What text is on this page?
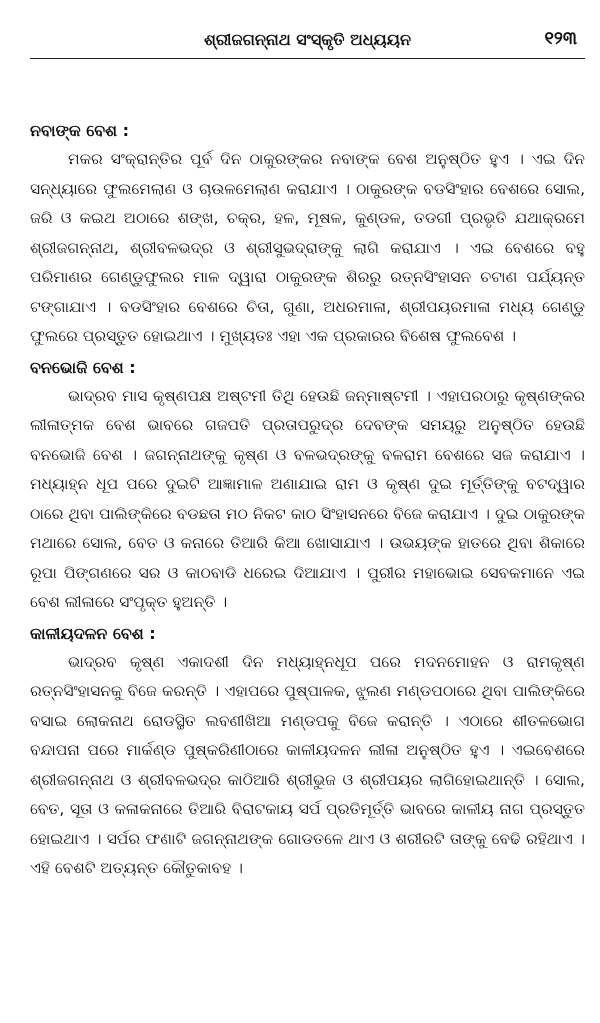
ଶ୍ରୀଜଗନ୍ନାଥ ସଂସ୍କୃତି ଅଧ୍ୟୟନ	୧୨୩

ନବାଙ୍କ ବେଶ :

ମକର ସଂକ୍ରାନ୍ତିର ପୂର୍ବ ଦିନ ଠାକୁରଙ୍କର ନବାଙ୍କ ବେଶ ଅନୁଷ୍ଠିତ ହୁଏ । ଏଇ ଦିନ ସନ୍ଧ୍ୟାରେ ଫୁଲମେଲାଣ ଓ ଚାଉଳମେଲାଣ କରାଯାଏ । ଠାକୁରଙ୍କ ବଡସିଂହାର ବେଶରେ ସୋଲ, ଜରି ଓ କଇଥ ଅଠାରେ ଶଙ୍ଖ, ଚକ୍ର, ହଳ, ମୂଷଳ, କୁଣ୍ଡଳ, ତଡଗୀ ପ୍ରଭୃତି ଯଥାକ୍ରମେ ଶ୍ରୀଜଗନ୍ନାଥ, ଶ୍ରୀବଳଭଦ୍ର ଓ ଶ୍ରୀସୁଭଦ୍ରାଙ୍କୁ ଲାଗି କରାଯାଏ । ଏଇ ବେଶରେ ବହୁ ପରିମାଣର ଗେଣ୍ଡୁଫୁଲର ମାଳ ଦ୍ୱାରା ଠାକୁରଙ୍କ ଶିରରୁ ରତ୍ନସିଂହାସନ ଚଟାଣ ପର୍ଯ୍ୟନ୍ତ ଟଙ୍ଗାଯାଏ । ବଡସିଂହାର ବେଶରେ ଚିତା, ଗୁଣା, ଅଧରମାଳା, ଶ୍ରୀପୟରମାଳା ମଧ୍ୟ ଗେଣ୍ଡୁ ଫୁଲରେ ପ୍ରସ୍ତୁତ ହୋଇଥାଏ । ମୁଖ୍ୟତଃ ଏହା ଏକ ପ୍ରକାରର ବିଶେଷ ଫୁଲବେଶ ।

ବନଭୋଜି ବେଶ :

ଭାଦ୍ରବ ମାସ କୃଷ୍ଣପକ୍ଷ ଅଷ୍ଟମୀ ତିଥି ହେଉଛି ଜନ୍ମାଷ୍ଟମୀ । ଏହାପରଠାରୁ କୃଷ୍ଣଙ୍କର ଲୀଳାତ୍ମକ ବେଶ ଭାବରେ ଗଜପତି ପ୍ରତାପରୁଦ୍ର ଦେବଙ୍କ ସମୟରୁ ଅନୁଷ୍ଠିତ ହେଉଛି ବନଭୋଜି ବେଶ । ଜଗନ୍ନାଥଙ୍କୁ କୃଷ୍ଣ ଓ ବଳଭଦ୍ରଙ୍କୁ ବଳରାମ ବେଶରେ ସଜ କରାଯାଏ । ମଧ୍ୟାହ୍ନ ଧୂପ ପରେ ଦୁଇଟି ଆଜ୍ଞାମାଳ ଅଣାଯାଇ ରାମ ଓ କୃଷ୍ଣ ଦୁଇ ମୂର୍ତ୍ତିଙ୍କୁ ବଟଦ୍ୱାର ଠାରେ ଥିବା ପାଲିଙ୍କିରେ ବଡଛତା ମଠ ନିକଟ କାଠ ସିଂହାସନରେ ବିଜେ କରାଯାଏ । ଦୁଇ ଠାକୁରଙ୍କ ମଥାରେ ସୋଲ, ବେତ ଓ କନାରେ ତିଆରି କିଆ ଖୋସାଯାଏ । ଉଭୟଙ୍କ ହାତରେ ଥିବା ଶିକାରେ ରୂପା ପିଙ୍ଗଣରେ ସର ଓ କାଠବାଡି ଧରେଇ ଦିଆଯାଏ । ପୁରୀର ମହାଭୋଇ ସେବକମାନେ ଏଇ ବେଶ ଲୀଳାରେ ସଂପୃକ୍ତ ହୁଅନ୍ତି ।

କାଳୀୟଦଳନ ବେଶ :

ଭାଦ୍ରବ କୃଷ୍ଣ ଏକାଦଶୀ ଦିନ ମଧ୍ୟାହ୍ନଧୂପ ପରେ ମଦନମୋହନ ଓ ରାମକୃଷ୍ଣ ରତ୍ନସିଂହାସନକୁ ବିଜେ କରନ୍ତି । ଏହାପରେ ପୁଷ୍ପାଳକ, ଝୁଲଣ ମଣ୍ଡପଠାରେ ଥିବା ପାଲିଙ୍କିରେ ବସାଇ ଲୋକନାଥ ରୋଡସ୍ଥିତ ଲବଣୀଖିଆ ମଣ୍ଡପକୁ ବିଜେ କରାନ୍ତି । ଏଠାରେ ଶୀତଳଭୋଗ ବନ୍ଦାପନା ପରେ ମାର୍କଣ୍ଡ ପୁଷ୍କରିଣୀଠାରେ କାଳୀୟଦଳନ ଲୀଳା ଅନୁଷ୍ଠିତ ହୁଏ । ଏଇବେଶରେ ଶ୍ରୀଜଗନ୍ନାଥ ଓ ଶ୍ରୀବଳଭଦ୍ର କାଠିଆରି ଶ୍ରୀଭୁଜ ଓ ଶ୍ରୀପୟର ଲାଗିହୋଇଥାନ୍ତି । ସୋଲ, ବେତ, ସୂତା ଓ କଳାକନାରେ ତିଆରି ବିରାଟକାୟ ସର୍ପ ପ୍ରତିମୂର୍ତ୍ତି ଭାବରେ କାଳୀୟ ନାଗ ପ୍ରସ୍ତୁତ ହୋଇଥାଏ । ସର୍ପର ଫଣାଟି ଜଗନ୍ନାଥଙ୍କ ଗୋଡତଳେ ଥାଏ ଓ ଶରୀରଟି ତାଙ୍କୁ ବେଢି ରହିଥାଏ । ଏହି ବେଶଟି ଅତ୍ୟନ୍ତ କୌତୁକାବହ ।
